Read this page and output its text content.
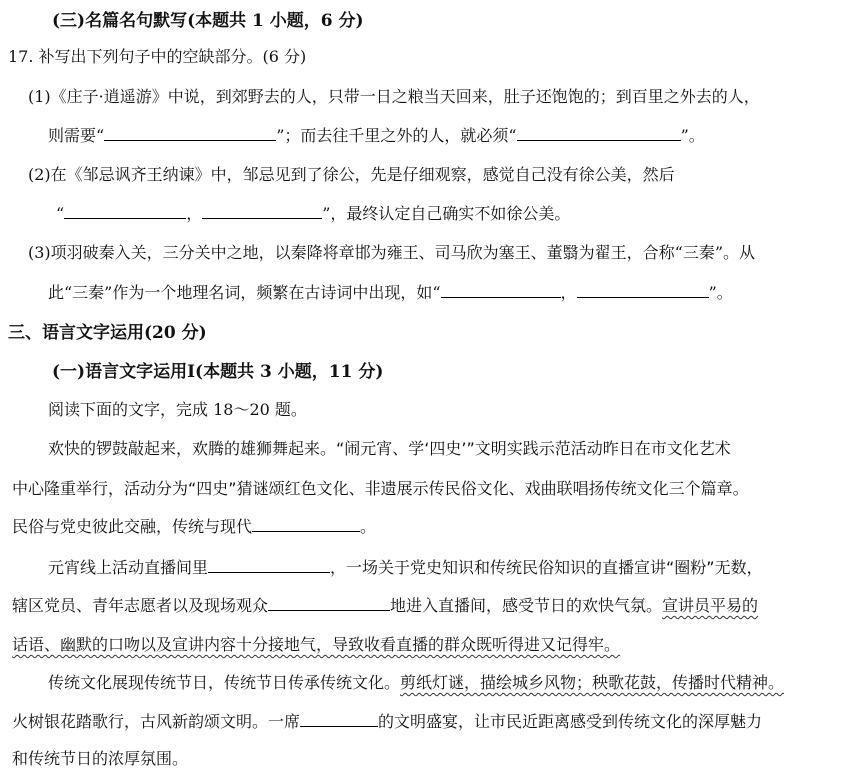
(三)名篇名句默写(本题共 1 小题，6 分)
17. 补写出下列句子中的空缺部分。(6 分)
(1)《庄子·逍遥游》中说，到郊野去的人，只带一日之粮当天回来，肚子还饱饱的；到百里之外去的人，
则需要“	”；而去往千里之外的人，就必须“	”。
(2)在《邹忌讽齐王纳谏》中，邹忌见到了徐公，先是仔细观察，感觉自己没有徐公美，然后
“	，	”，最终认定自己确实不如徐公美。
(3)项羽破秦入关，三分关中之地，以秦降将章邯为雍王、司马欣为塞王、董翳为翟王，合称“三秦”。从
此“三秦”作为一个地理名词，频繁在古诗词中出现，如“	，	”。
三、语言文字运用(20 分)
(一)语言文字运用Ⅰ(本题共 3 小题，11 分)
阅读下面的文字，完成 18～20 题。
欢快的锣鼓敲起来，欢腾的雄狮舞起来。“闹元宵、学‘四史’”文明实践示范活动昨日在市文化艺术
中心隆重举行，活动分为“四史”猜谜颂红色文化、非遗展示传民俗文化、戏曲联唱扬传统文化三个篇章。
民俗与党史彼此交融，传统与现代	。
元宵线上活动直播间里	，一场关于党史知识和传统民俗知识的直播宣讲“圈粉”无数，
辖区党员、青年志愿者以及现场观众	地进入直播间，感受节日的欢快气氛。宣讲员平易的
话语、幽默的口吻以及宣讲内容十分接地气，导致收看直播的群众既听得进又记得牢。
传统文化展现传统节日，传统节日传承传统文化。剪纸灯谜，描绘城乡风物；秧歌花鼓，传播时代精神。
火树银花踏歌行，古风新韵颂文明。一席	的文明盛宴，让市民近距离感受到传统文化的深厚魅力
和传统节日的浓厚氛围。
